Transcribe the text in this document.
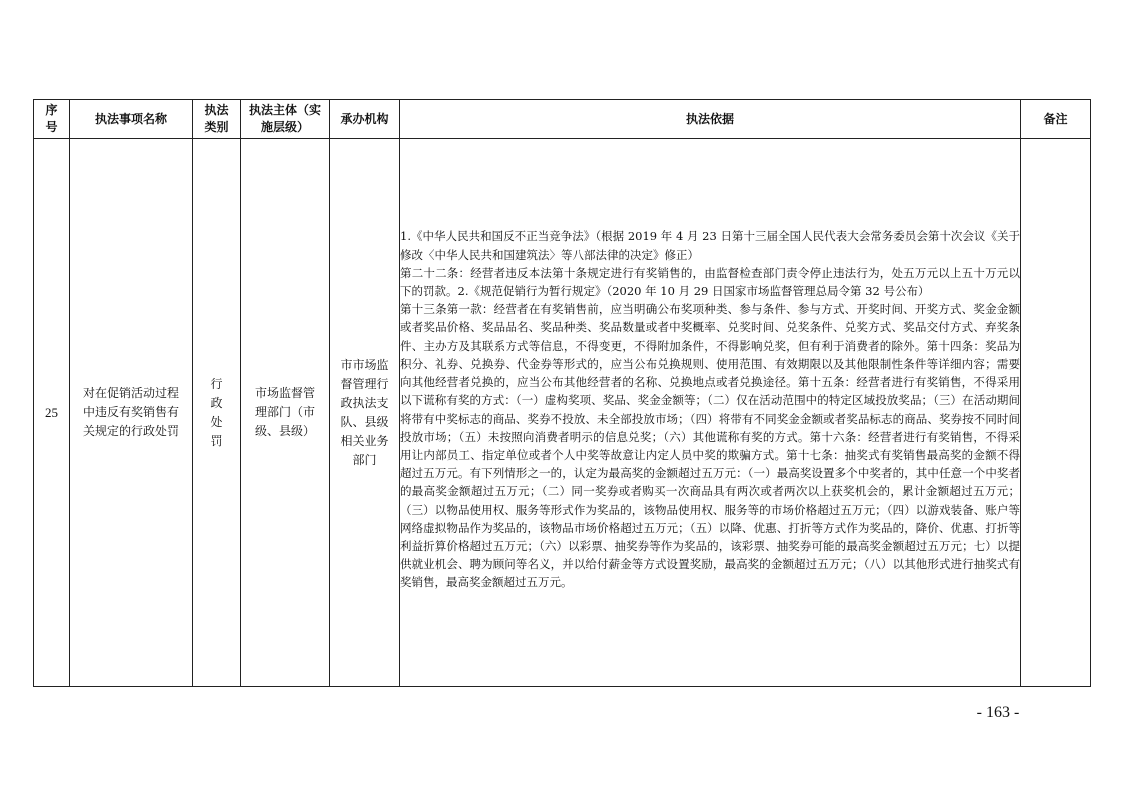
序号	执法事项名称	执法类别	执法主体（实施层级）	承办机构	执法依据	备注
25	对在促销活动过程中违反有奖销售有关规定的行政处罚	行政处罚	市场监督管理部门（市级、县级）	市市场监督管理行政执法支队、县级相关业务部门	1.《中华人民共和国反不正当竞争法》（根据 2019 年 4 月 23 日第十三届全国人民代表大会常务委员会第十次会议《关于修改〈中华人民共和国建筑法〉等八部法律的决定》修正）
第二十二条：经营者违反本法第十条规定进行有奖销售的，由监督检查部门责令停止违法行为，处五万元以上五十万元以下的罚款。2.《规范促销行为暂行规定》（2020 年 10 月 29 日国家市场监督管理总局令第 32 号公布）
第十三条第一款：经营者在有奖销售前，应当明确公布奖项种类、参与条件、参与方式、开奖时间、开奖方式、奖金金额或者奖品价格、奖品品名、奖品种类、奖品数量或者中奖概率、兑奖时间、兑奖条件、兑奖方式、奖品交付方式、弃奖条件、主办方及其联系方式等信息，不得变更，不得附加条件，不得影响兑奖，但有利于消费者的除外。第十四条：奖品为积分、礼券、兑换券、代金券等形式的，应当公布兑换规则、使用范围、有效期限以及其他限制性条件等详细内容；需要向其他经营者兑换的，应当公布其他经营者的名称、兑换地点或者兑换途径。第十五条：经营者进行有奖销售，不得采用以下谎称有奖的方式：（一）虚构奖项、奖品、奖金金额等；（二）仅在活动范围中的特定区域投放奖品；（三）在活动期间将带有中奖标志的商品、奖券不投放、未全部投放市场；（四）将带有不同奖金金额或者奖品标志的商品、奖券按不同时间投放市场；（五）未按照向消费者明示的信息兑奖；（六）其他谎称有奖的方式。第十六条：经营者进行有奖销售，不得采用让内部员工、指定单位或者个人中奖等故意让内定人员中奖的欺骗方式。第十七条：抽奖式有奖销售最高奖的金额不得超过五万元。有下列情形之一的，认定为最高奖的金额超过五万元：（一）最高奖设置多个中奖者的，其中任意一个中奖者的最高奖金额超过五万元；（二）同一奖券或者购买一次商品具有两次或者两次以上获奖机会的，累计金额超过五万元；（三）以物品使用权、服务等形式作为奖品的，该物品使用权、服务等的市场价格超过五万元；（四）以游戏装备、账户等网络虚拟物品作为奖品的，该物品市场价格超过五万元；（五）以降、优惠、打折等方式作为奖品的，降价、优惠、打折等利益折算价格超过五万元；（六）以彩票、抽奖券等作为奖品的，该彩票、抽奖券可能的最高奖金额超过五万元；七）以提供就业机会、聘为顾问等名义，并以给付薪金等方式设置奖励，最高奖的金额超过五万元；（八）以其他形式进行抽奖式有奖销售，最高奖金额超过五万元。	

- 163 -
